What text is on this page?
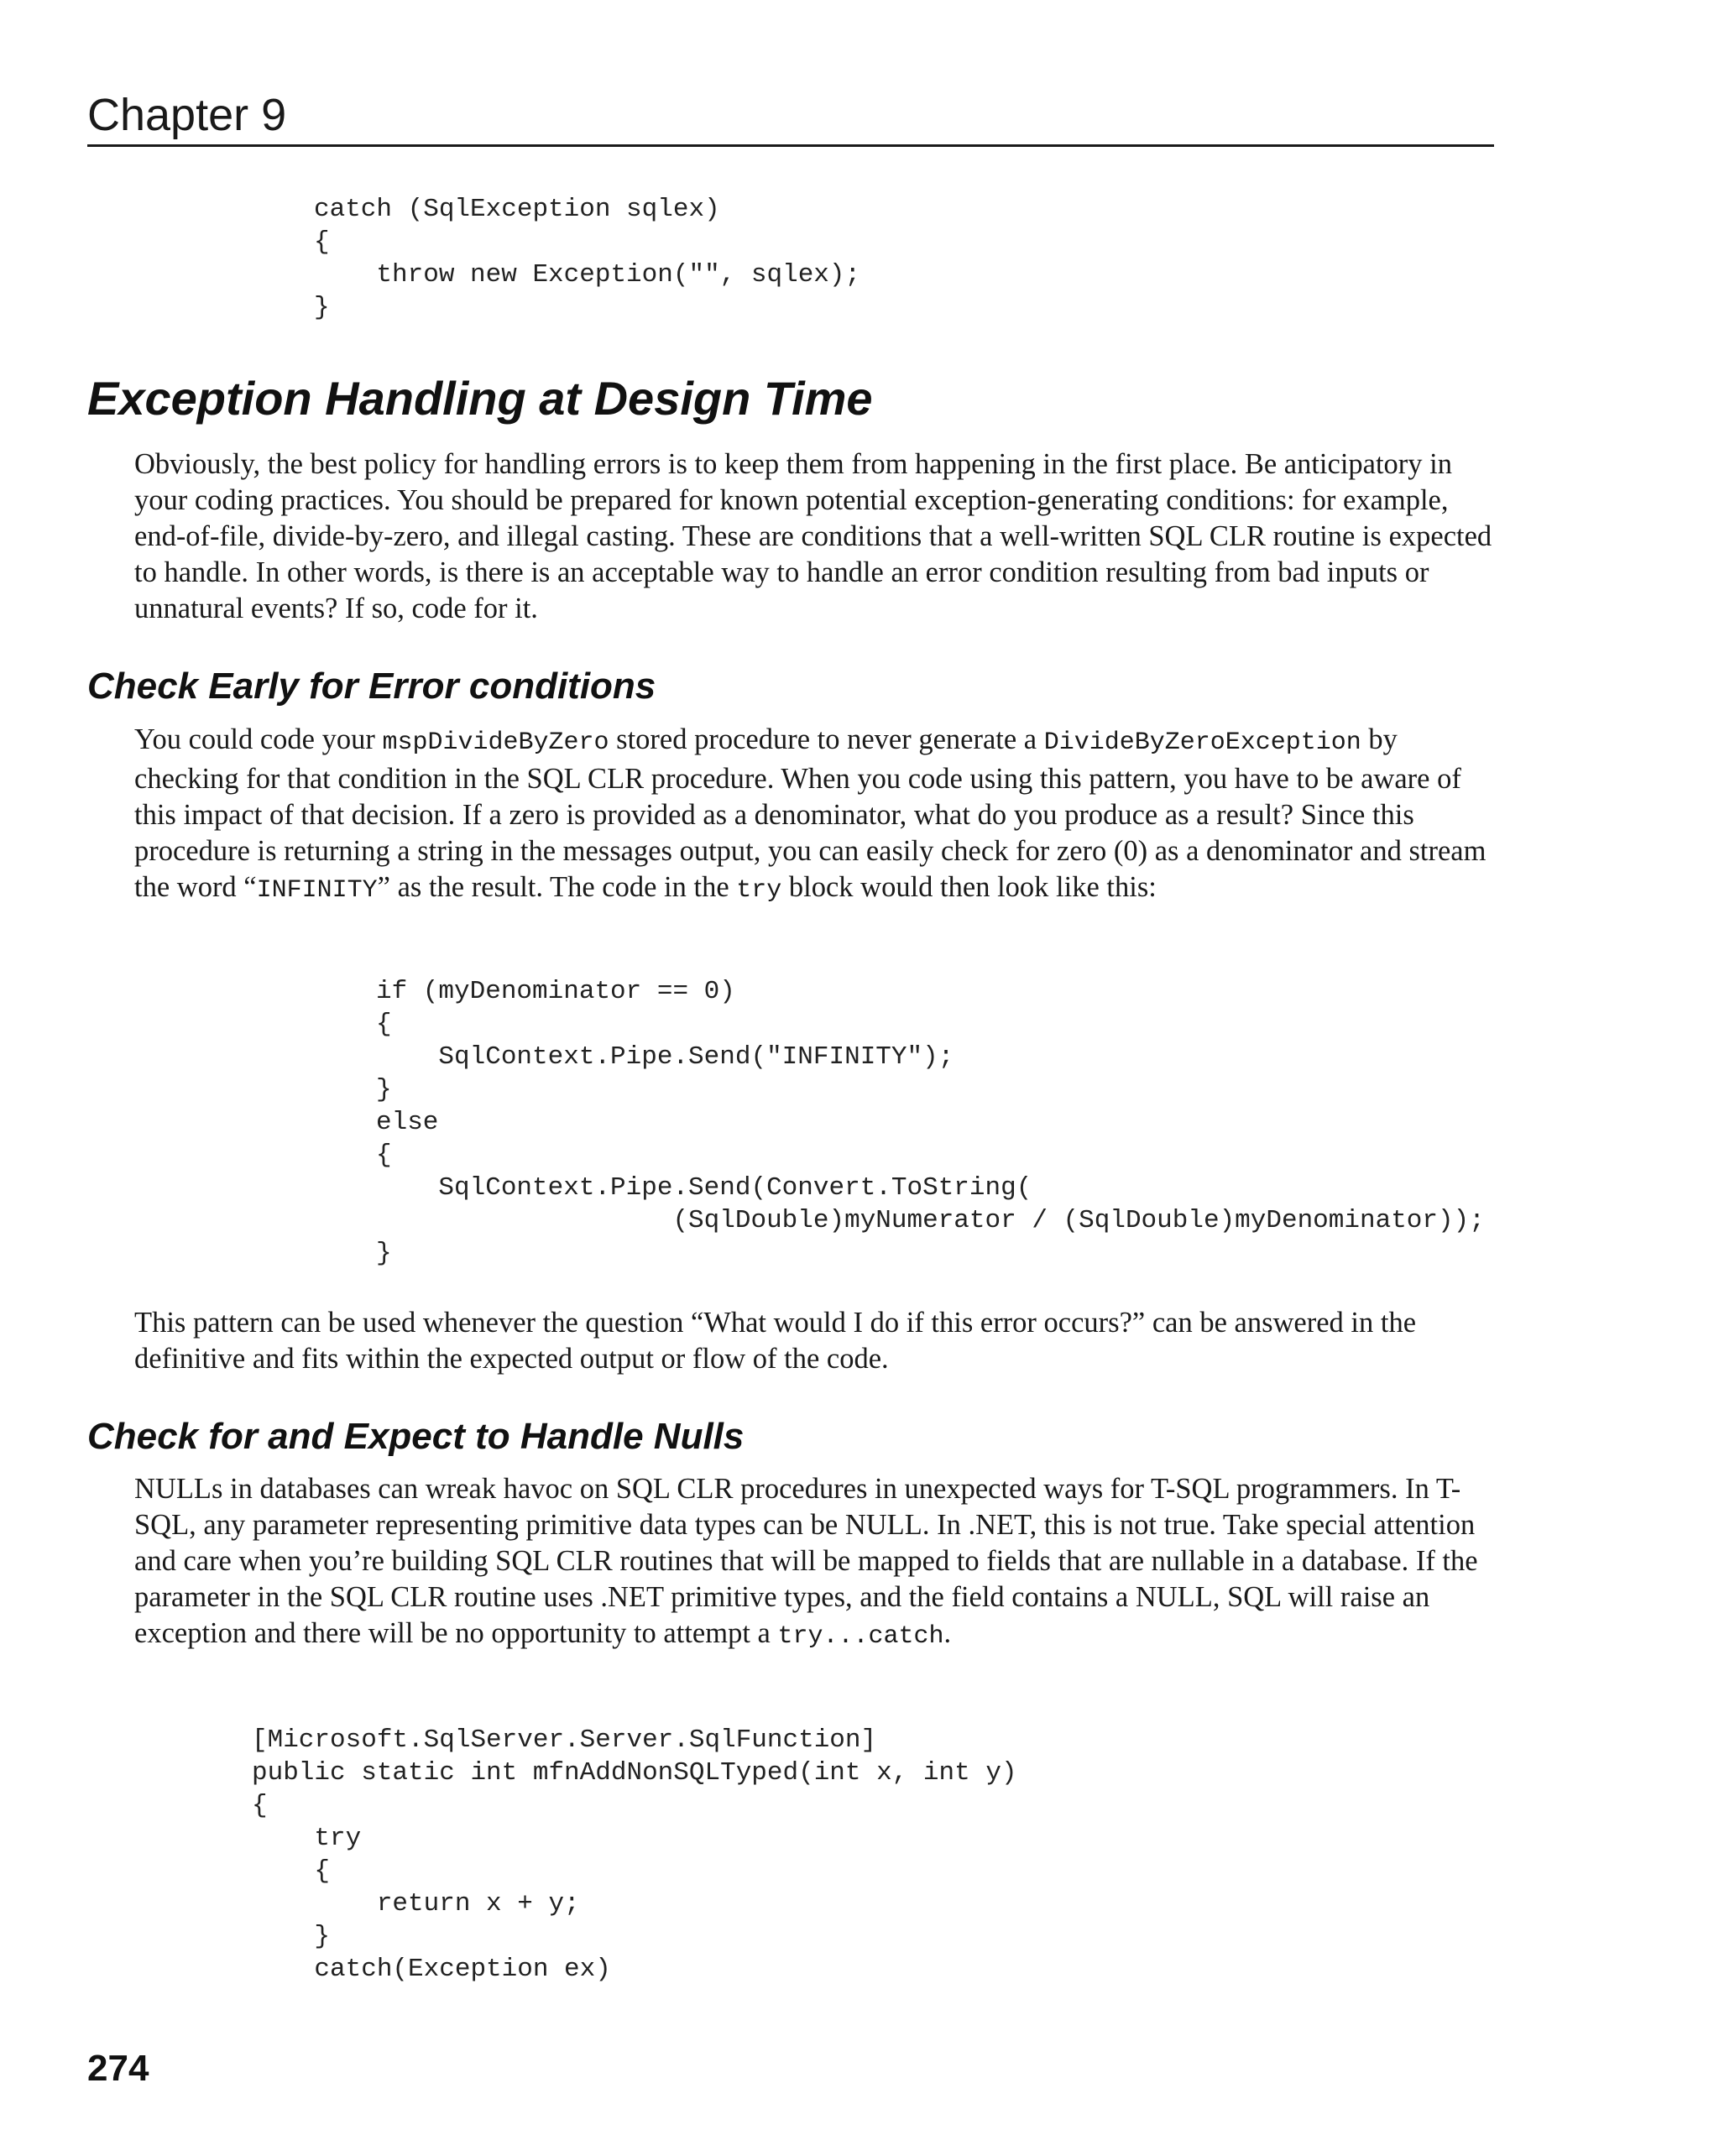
Chapter 9
catch (SqlException sqlex)
{
throw new Exception("", sqlex);
}
Exception Handling at Design Time

Obviously, the best policy for handling errors is to keep them from happening in the first place. Be anticipatory in your coding practices. You should be prepared for known potential exception-generating conditions: for example, end-of-file, divide-by-zero, and illegal casting. These are conditions that a well-written SQL CLR routine is expected to handle. In other words, is there is an acceptable way to handle an error condition resulting from bad inputs or unnatural events? If so, code for it.

Check Early for Error conditions

You could code your mspDivideByZero stored procedure to never generate a DivideByZeroException by checking for that condition in the SQL CLR procedure. When you code using this pattern, you have to be aware of this impact of that decision. If a zero is provided as a denominator, what do you produce as a result? Since this procedure is returning a string in the messages output, you can easily check for zero (0) as a denominator and stream the word “INFINITY” as the result. The code in the try block would then look like this:

if (myDenominator == 0)
{
SqlContext.Pipe.Send("INFINITY");
}
else
{
SqlContext.Pipe.Send(Convert.ToString(
(SqlDouble)myNumerator / (SqlDouble)myDenominator));
}

This pattern can be used whenever the question “What would I do if this error occurs?” can be answered in the definitive and fits within the expected output or flow of the code.

Check for and Expect to Handle Nulls

NULLs in databases can wreak havoc on SQL CLR procedures in unexpected ways for T-SQL programmers. In T-SQL, any parameter representing primitive data types can be NULL. In .NET, this is not true. Take special attention and care when you’re building SQL CLR routines that will be mapped to fields that are nullable in a database. If the parameter in the SQL CLR routine uses .NET primitive types, and the field contains a NULL, SQL will raise an exception and there will be no opportunity to attempt a try...catch.

[Microsoft.SqlServer.Server.SqlFunction]
public static int mfnAddNonSQLTyped(int x, int y)
{
try
{
return x + y;
}
catch(Exception ex)
274
